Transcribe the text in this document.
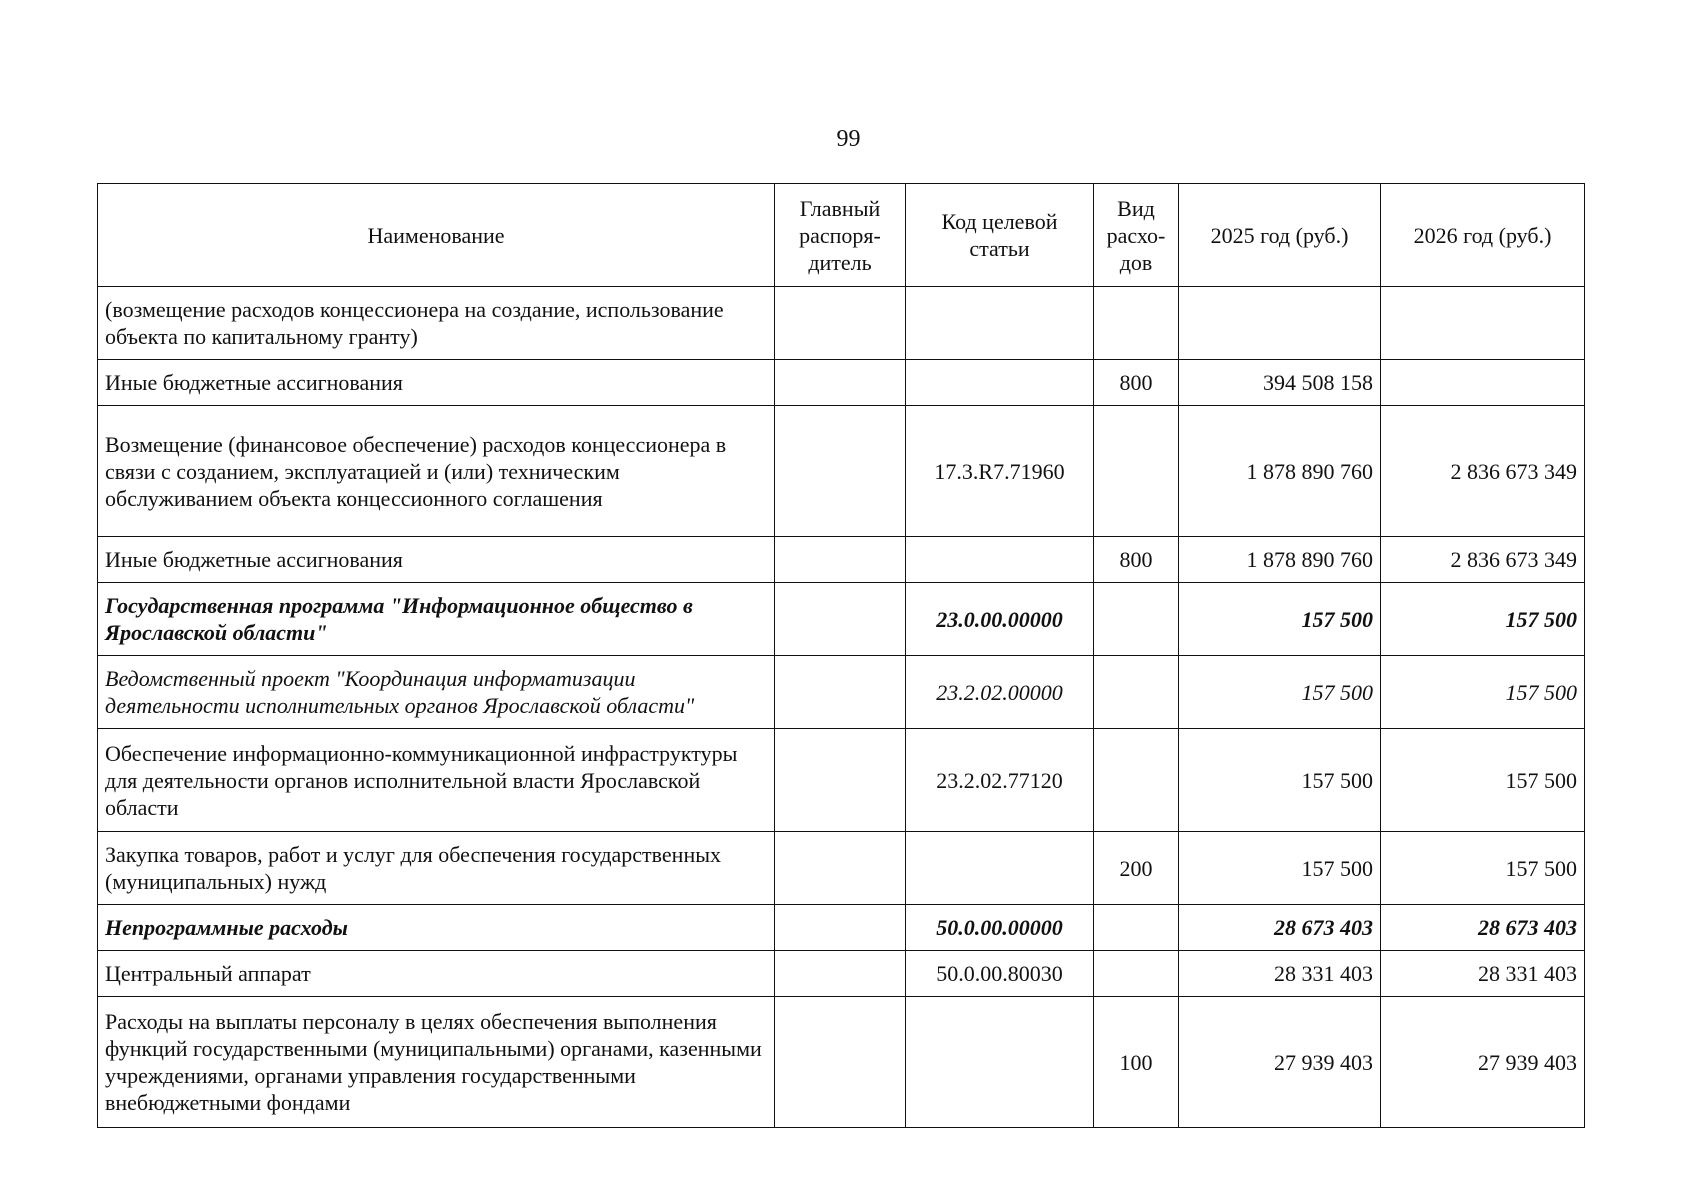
99
Наименование	Главный распоря-дитель	Код целевой статьи	Вид расхо-дов	2025 год (руб.)	2026 год (руб.)
(возмещение расходов концессионера на создание, использование объекта по капитальному гранту)					
Иные бюджетные ассигнования			800	394 508 158	
Возмещение (финансовое обеспечение) расходов концессионера в связи с созданием, эксплуатацией и (или) техническим обслуживанием объекта концессионного соглашения		17.3.R7.71960		1 878 890 760	2 836 673 349
Иные бюджетные ассигнования			800	1 878 890 760	2 836 673 349
Государственная программа "Информационное общество в Ярославской области"		23.0.00.00000		157 500	157 500
Ведомственный проект "Координация информатизации деятельности исполнительных органов Ярославской области"		23.2.02.00000		157 500	157 500
Обеспечение информационно-коммуникационной инфраструктуры для деятельности органов исполнительной власти Ярославской области		23.2.02.77120		157 500	157 500
Закупка товаров, работ и услуг для обеспечения государственных (муниципальных) нужд			200	157 500	157 500
Непрограммные расходы		50.0.00.00000		28 673 403	28 673 403
Центральный аппарат		50.0.00.80030		28 331 403	28 331 403
Расходы на выплаты персоналу в целях обеспечения выполнения функций государственными (муниципальными) органами, казенными учреждениями, органами управления государственными внебюджетными фондами			100	27 939 403	27 939 403
